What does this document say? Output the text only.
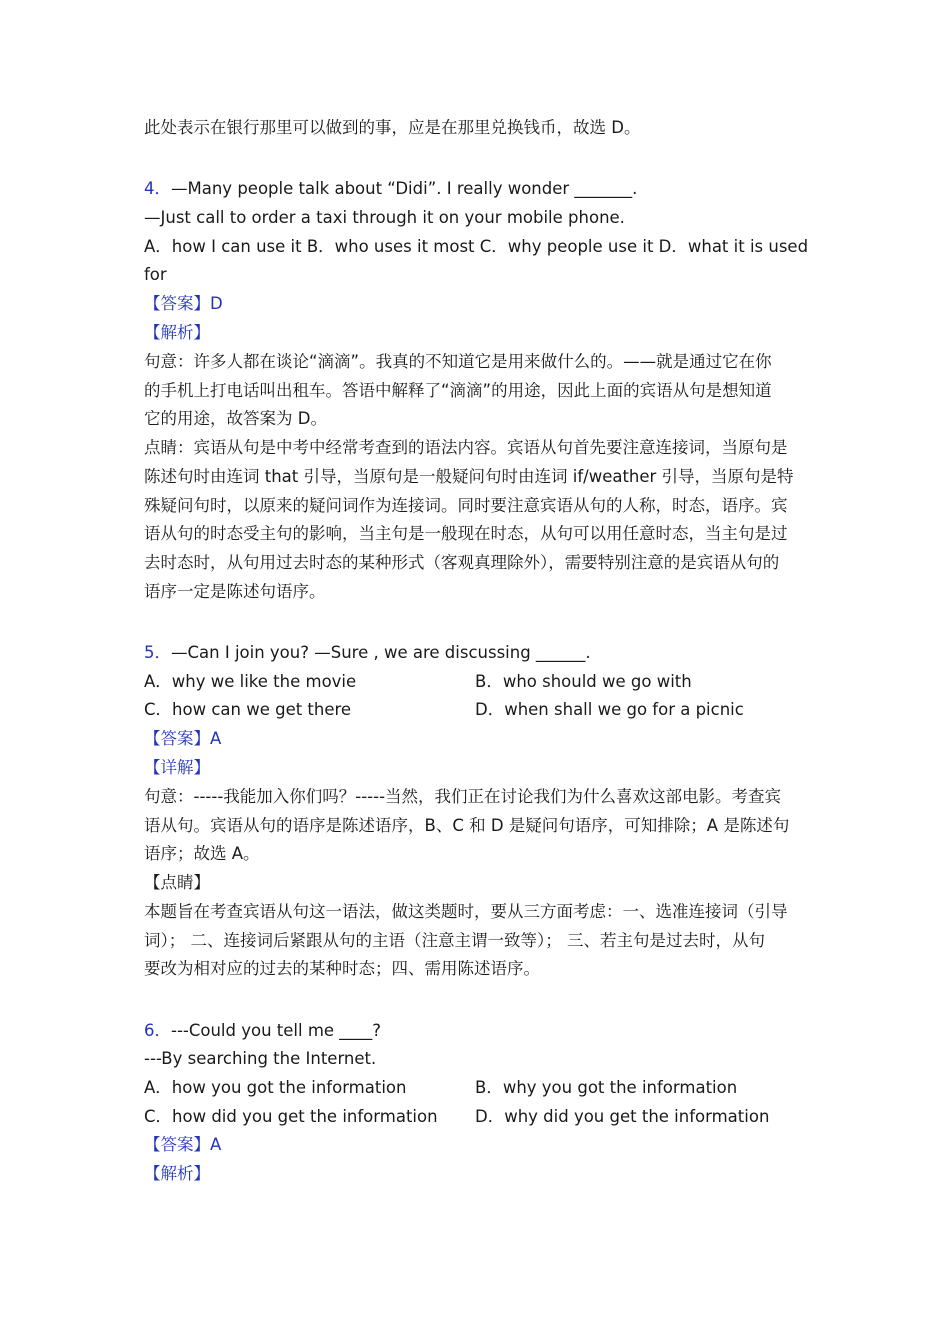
此处表示在银行那里可以做到的事，应是在那里兑换钱币，故选 D。
4．—Many people talk about “Didi”. I really wonder _______.
—Just call to order a taxi through it on your mobile phone.
A．how I can use it B．who uses it most C．why people use it D．what it is used
for
【答案】D
【解析】
句意：许多人都在谈论“滴滴”。我真的不知道它是用来做什么的。——就是通过它在你
的手机上打电话叫出租车。答语中解释了“滴滴”的用途，因此上面的宾语从句是想知道
它的用途，故答案为 D。
点睛：宾语从句是中考中经常考查到的语法内容。宾语从句首先要注意连接词，当原句是
陈述句时由连词 that 引导，当原句是一般疑问句时由连词 if/weather 引导，当原句是特
殊疑问句时，以原来的疑问词作为连接词。同时要注意宾语从句的人称，时态，语序。宾
语从句的时态受主句的影响，当主句是一般现在时态，从句可以用任意时态，当主句是过
去时态时，从句用过去时态的某种形式（客观真理除外），需要特别注意的是宾语从句的
语序一定是陈述句语序。
5．—Can I join you? —Sure , we are discussing ______.
A．why we like the movie	B．who should we go with
C．how can we get there	D．when shall we go for a picnic
【答案】A
【详解】
句意：-----我能加入你们吗？-----当然，我们正在讨论我们为什么喜欢这部电影。考查宾
语从句。宾语从句的语序是陈述语序，B、C 和 D 是疑问句语序，可知排除；A 是陈述句
语序；故选 A。
【点睛】
本题旨在考查宾语从句这一语法，做这类题时，要从三方面考虑：一、选准连接词（引导
词）； 二、连接词后紧跟从句的主语（注意主谓一致等）； 三、若主句是过去时，从句
要改为相对应的过去的某种时态；四、需用陈述语序。
6．---Could you tell me ____?
---By searching the Internet.
A．how you got the information	B．why you got the information
C．how did you get the information D．why did you get the information
【答案】A
【解析】
